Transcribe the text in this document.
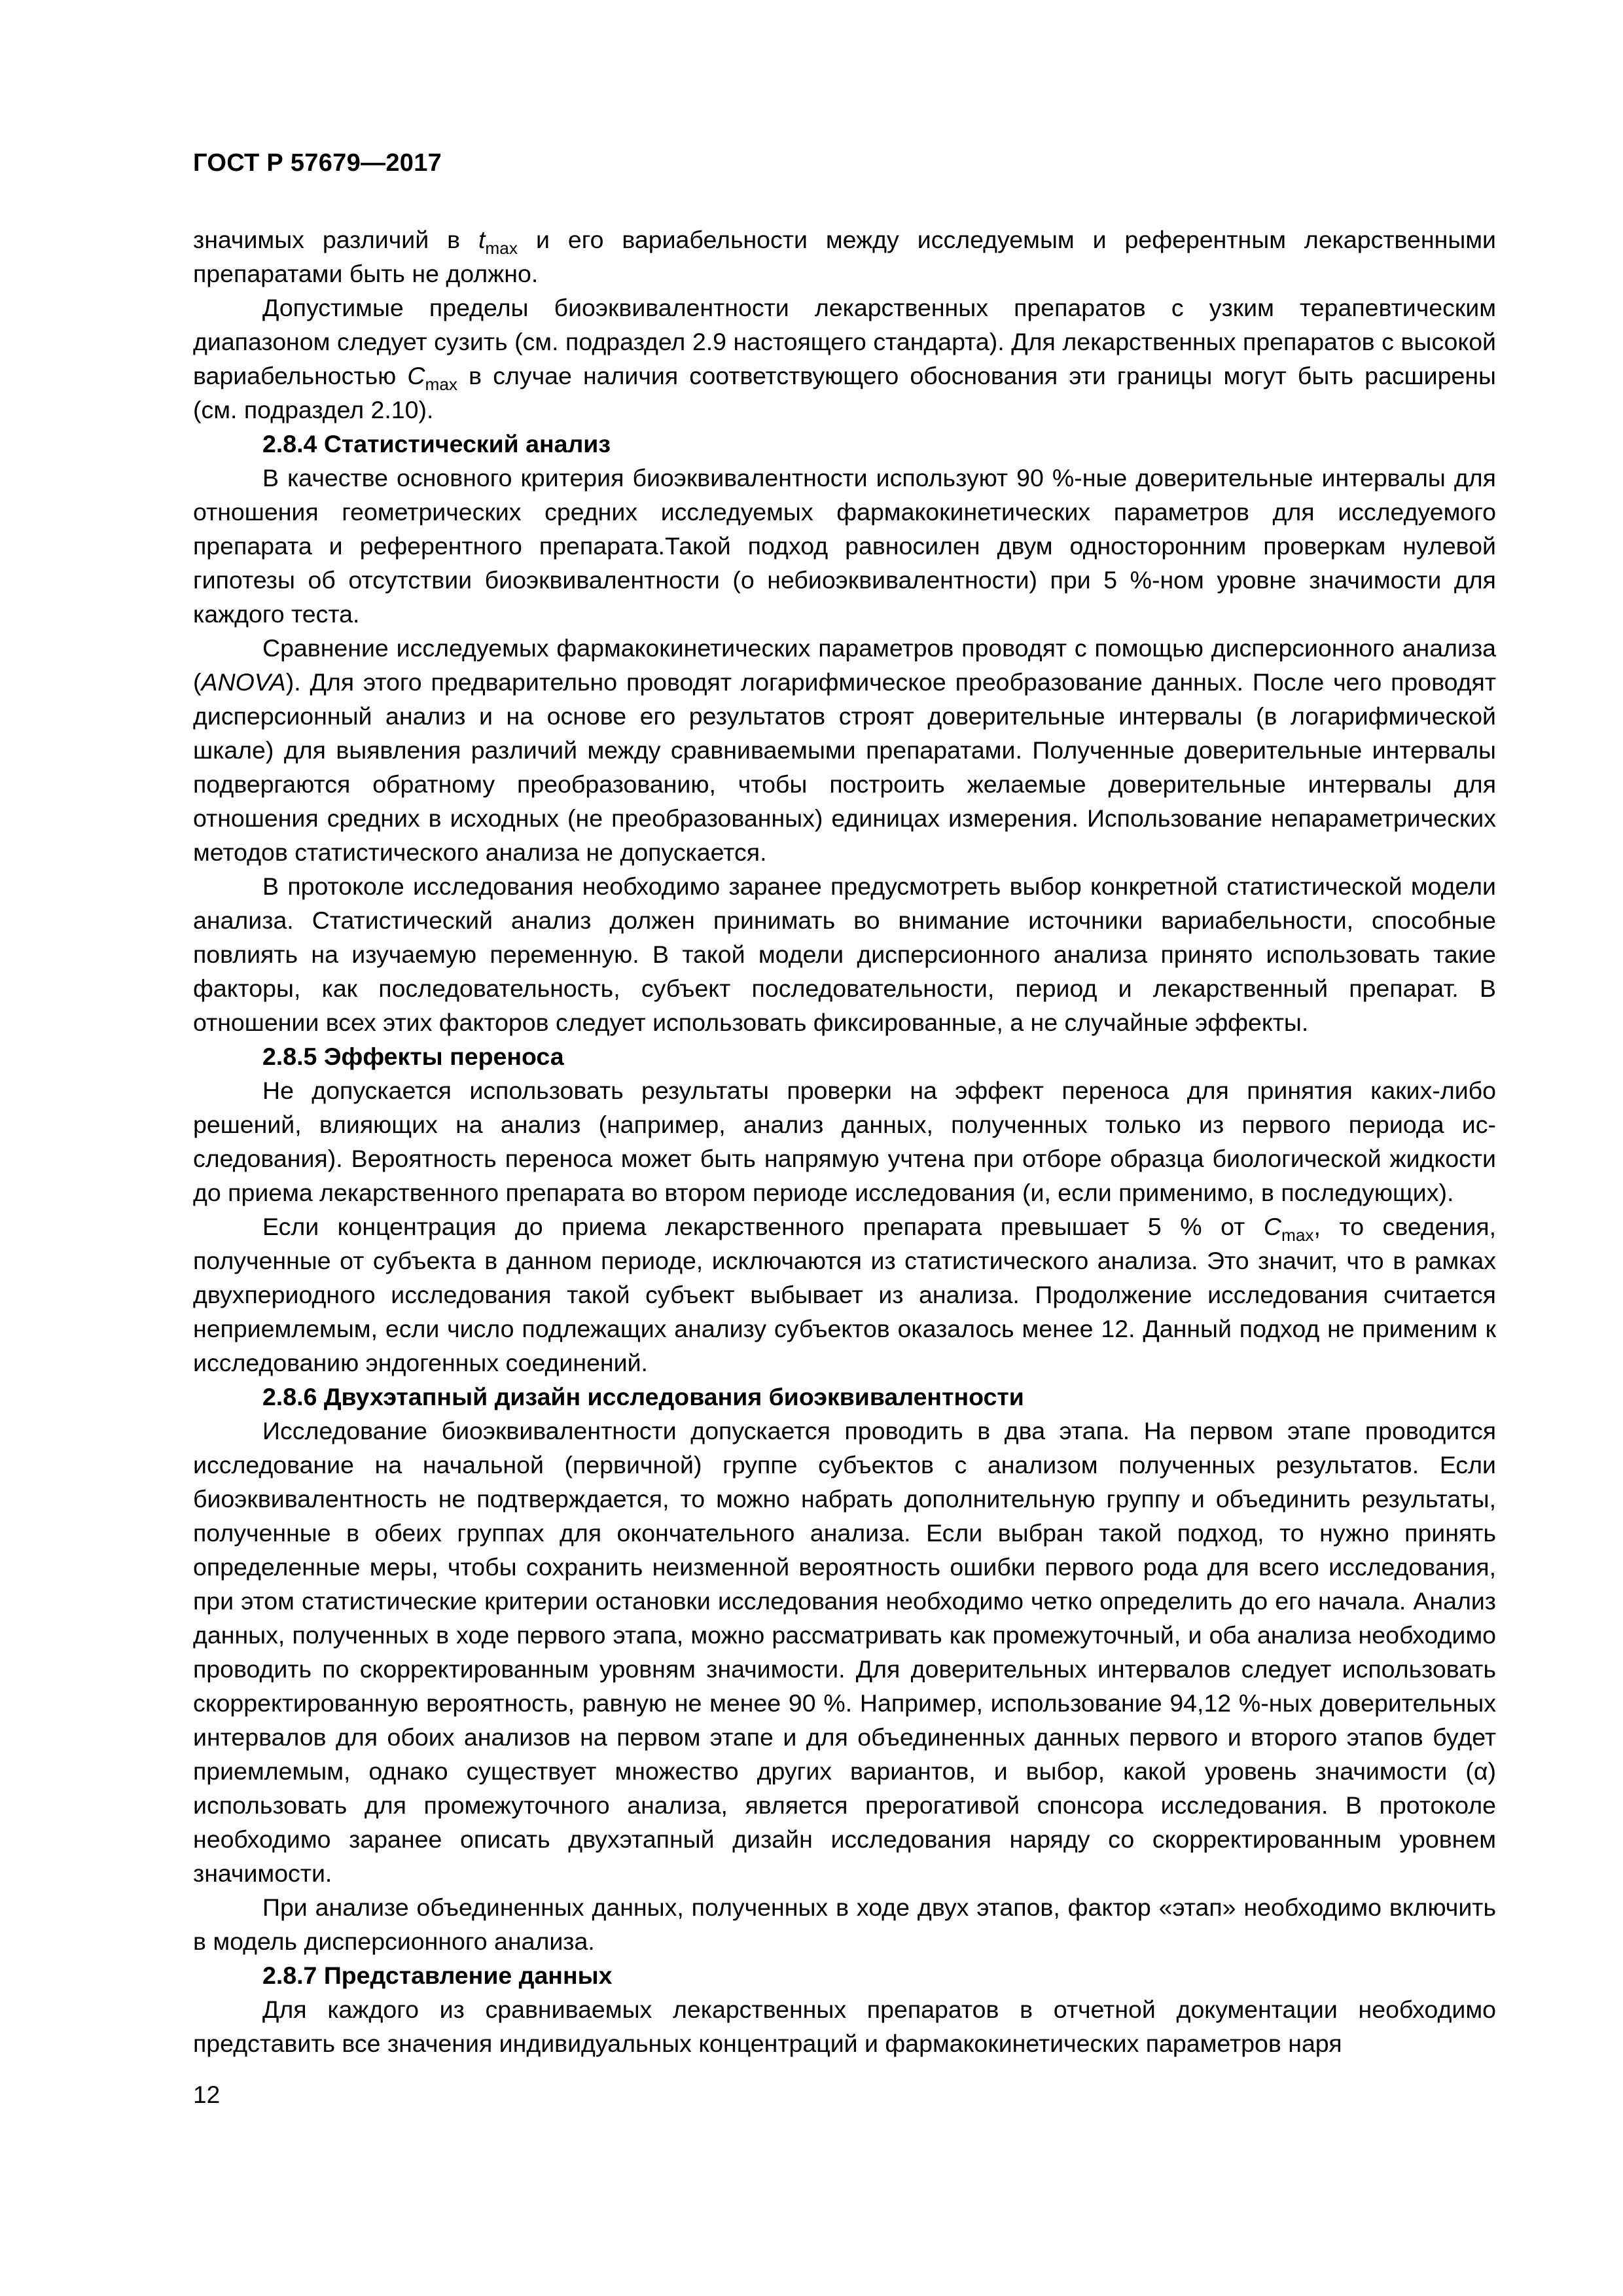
ГОСТ Р 57679—2017

значимых различий в $t_{max}$ и его вариабельности между исследуемым и референтным лекарственными препаратами быть не должно.

Допустимые пределы биоэквивалентности лекарственных препаратов с узким терапевтическим диапазоном следует сузить (см. подраздел 2.9 настоящего стандарта). Для лекарственных препаратов с высокой вариабельностью $C_{max}$ в случае наличия соответствующего обоснования эти границы могут быть расширены (см. подраздел 2.10).

2.8.4 Статистический анализ

В качестве основного критерия биоэквивалентности используют 90 %-ные доверительные интервалы для отношения геометрических средних исследуемых фармакокинетических параметров для исследуемого препарата и референтного препарата.Такой подход равносилен двум односторонним проверкам нулевой гипотезы об отсутствии биоэквивалентности (о небиоэквивалентности) при 5 %-ном уровне значимости для каждого теста.

Сравнение исследуемых фармакокинетических параметров проводят с помощью дисперсионного анализа (ANOVA). Для этого предварительно проводят логарифмическое преобразование данных. После чего проводят дисперсионный анализ и на основе его результатов строят доверительные интервалы (в логарифмической шкале) для выявления различий между сравниваемыми препаратами. Полученные доверительные интервалы подвергаются обратному преобразованию, чтобы построить желаемые доверительные интервалы для отношения средних в исходных (не преобразованных) единицах измерения. Использование непараметрических методов статистического анализа не допускается.

В протоколе исследования необходимо заранее предусмотреть выбор конкретной статистической модели анализа. Статистический анализ должен принимать во внимание источники вариабельности, способные повлиять на изучаемую переменную. В такой модели дисперсионного анализа принято использовать такие факторы, как последовательность, субъект последовательности, период и лекарственный препарат. В отношении всех этих факторов следует использовать фиксированные, а не случайные эффекты.

2.8.5 Эффекты переноса

Не допускается использовать результаты проверки на эффект переноса для принятия каких-либо решений, влияющих на анализ (например, анализ данных, полученных только из первого периода исследования). Вероятность переноса может быть напрямую учтена при отборе образца биологической жидкости до приема лекарственного препарата во втором периоде исследования (и, если применимо, в последующих).

Если концентрация до приема лекарственного препарата превышает 5 % от $C_{max}$, то сведения, полученные от субъекта в данном периоде, исключаются из статистического анализа. Это значит, что в рамках двухпериодного исследования такой субъект выбывает из анализа. Продолжение исследования считается неприемлемым, если число подлежащих анализу субъектов оказалось менее 12. Данный подход не применим к исследованию эндогенных соединений.

2.8.6 Двухэтапный дизайн исследования биоэквивалентности

Исследование биоэквивалентности допускается проводить в два этапа. На первом этапе проводится исследование на начальной (первичной) группе субъектов с анализом полученных результатов. Если биоэквивалентность не подтверждается, то можно набрать дополнительную группу и объединить результаты, полученные в обеих группах для окончательного анализа. Если выбран такой подход, то нужно принять определенные меры, чтобы сохранить неизменной вероятность ошибки первого рода для всего исследования, при этом статистические критерии остановки исследования необходимо четко определить до его начала. Анализ данных, полученных в ходе первого этапа, можно рассматривать как промежуточный, и оба анализа необходимо проводить по скорректированным уровням значимости. Для доверительных интервалов следует использовать скорректированную вероятность, равную не менее 90 %. Например, использование 94,12 %-ных доверительных интервалов для обоих анализов на первом этапе и для объединенных данных первого и второго этапов будет приемлемым, однако существует множество других вариантов, и выбор, какой уровень значимости (α) использовать для промежуточного анализа, является прерогативой спонсора исследования. В протоколе необходимо заранее описать двухэтапный дизайн исследования наряду со скорректированным уровнем значимости.

При анализе объединенных данных, полученных в ходе двух этапов, фактор «этап» необходимо включить в модель дисперсионного анализа.

2.8.7 Представление данных

Для каждого из сравниваемых лекарственных препаратов в отчетной документации необходимо представить все значения индивидуальных концентраций и фармакокинетических параметров наря

12
